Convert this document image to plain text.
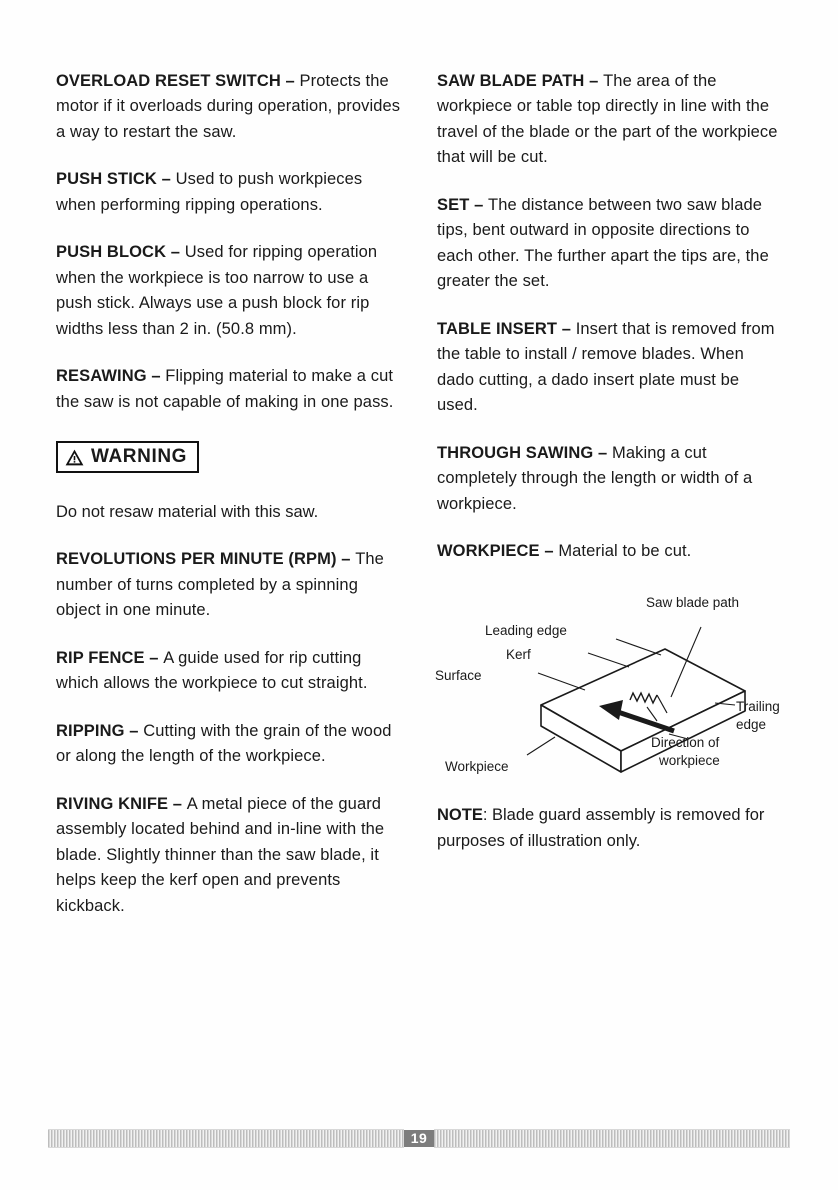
OVERLOAD RESET SWITCH – Protects the motor if it overloads during operation, provides a way to restart the saw.

PUSH STICK – Used to push workpieces when performing ripping operations.

PUSH BLOCK – Used for ripping operation when the workpiece is too narrow to use a push stick. Always use a push block for rip widths less than 2 in. (50.8 mm).

RESAWING – Flipping material to make a cut the saw is not capable of making in one pass.

WARNING

Do not resaw material with this saw.

REVOLUTIONS PER MINUTE (RPM) – The number of turns completed by a spinning object in one minute.

RIP FENCE – A guide used for rip cutting which allows the workpiece to cut straight.

RIPPING – Cutting with the grain of the wood or along the length of the workpiece.

RIVING KNIFE – A metal piece of the guard assembly located behind and in-line with the blade. Slightly thinner than the saw blade, it helps keep the kerf open and prevents kickback.

SAW BLADE PATH – The area of the workpiece or table top directly in line with the travel of the blade or the part of the workpiece that will be cut.

SET – The distance between two saw blade tips, bent outward in opposite directions to each other. The further apart the tips are, the greater the set.

TABLE INSERT – Insert that is removed from the table to install / remove blades. When dado cutting, a dado insert plate must be used.

THROUGH SAWING – Making a cut completely through the length or width of a workpiece.

WORKPIECE – Material to be cut.

Saw blade path
Leading edge
Kerf
Surface
Trailing
edge
Direction of
workpiece
Workpiece

NOTE: Blade guard assembly is removed for purposes of illustration only.

19
